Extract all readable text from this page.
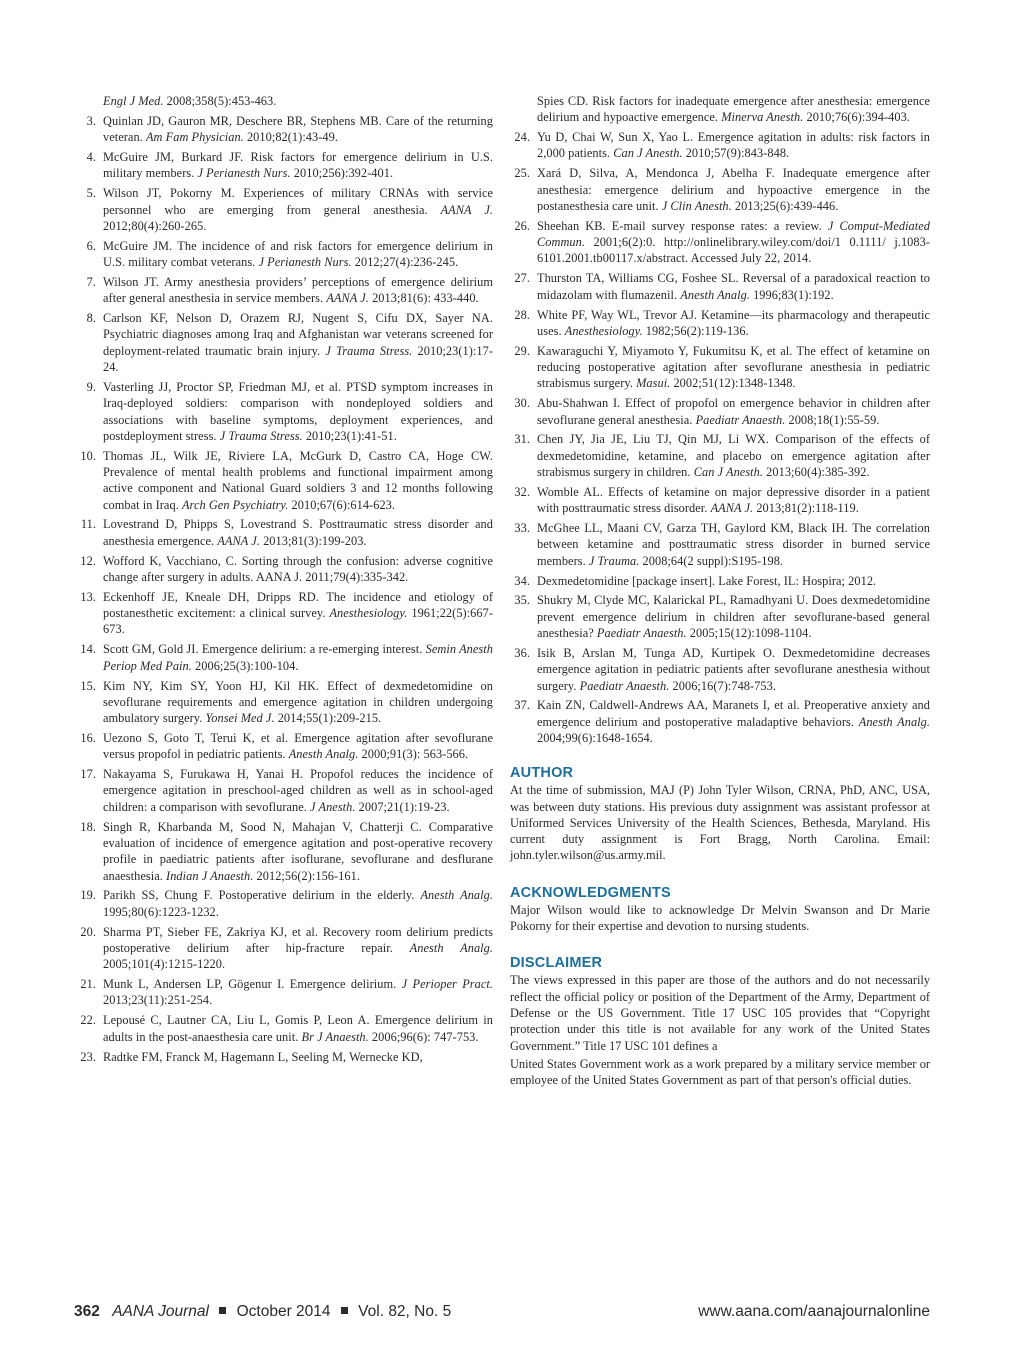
Engl J Med. 2008;358(5):453-463.
3. Quinlan JD, Gauron MR, Deschere BR, Stephens MB. Care of the returning veteran. Am Fam Physician. 2010;82(1):43-49.
4. McGuire JM, Burkard JF. Risk factors for emergence delirium in U.S. military members. J Perianesth Nurs. 2010;256):392-401.
5. Wilson JT, Pokorny M. Experiences of military CRNAs with service personnel who are emerging from general anesthesia. AANA J. 2012;80(4):260-265.
6. McGuire JM. The incidence of and risk factors for emergence delirium in U.S. military combat veterans. J Perianesth Nurs. 2012;27(4):236-245.
7. Wilson JT. Army anesthesia providers’ perceptions of emergence delirium after general anesthesia in service members. AANA J. 2013;81(6): 433-440.
8. Carlson KF, Nelson D, Orazem RJ, Nugent S, Cifu DX, Sayer NA. Psychiatric diagnoses among Iraq and Afghanistan war veterans screened for deployment-related traumatic brain injury. J Trauma Stress. 2010;23(1):17-24.
9. Vasterling JJ, Proctor SP, Friedman MJ, et al. PTSD symptom increases in Iraq-deployed soldiers: comparison with nondeployed soldiers and associations with baseline symptoms, deployment experiences, and postdeployment stress. J Trauma Stress. 2010;23(1):41-51.
10. Thomas JL, Wilk JE, Riviere LA, McGurk D, Castro CA, Hoge CW. Prevalence of mental health problems and functional impairment among active component and National Guard soldiers 3 and 12 months following combat in Iraq. Arch Gen Psychiatry. 2010;67(6):614-623.
11. Lovestrand D, Phipps S, Lovestrand S. Posttraumatic stress disorder and anesthesia emergence. AANA J. 2013;81(3):199-203.
12. Wofford K, Vacchiano, C. Sorting through the confusion: adverse cognitive change after surgery in adults. AANA J. 2011;79(4):335-342.
13. Eckenhoff JE, Kneale DH, Dripps RD. The incidence and etiology of postanesthetic excitement: a clinical survey. Anesthesiology. 1961;22(5):667-673.
14. Scott GM, Gold JI. Emergence delirium: a re-emerging interest. Semin Anesth Periop Med Pain. 2006;25(3):100-104.
15. Kim NY, Kim SY, Yoon HJ, Kil HK. Effect of dexmedetomidine on sevoflurane requirements and emergence agitation in children undergoing ambulatory surgery. Yonsei Med J. 2014;55(1):209-215.
16. Uezono S, Goto T, Terui K, et al. Emergence agitation after sevoflurane versus propofol in pediatric patients. Anesth Analg. 2000;91(3): 563-566.
17. Nakayama S, Furukawa H, Yanai H. Propofol reduces the incidence of emergence agitation in preschool-aged children as well as in school-aged children: a comparison with sevoflurane. J Anesth. 2007;21(1):19-23.
18. Singh R, Kharbanda M, Sood N, Mahajan V, Chatterji C. Comparative evaluation of incidence of emergence agitation and post-operative recovery profile in paediatric patients after isoflurane, sevoflurane and desflurane anaesthesia. Indian J Anaesth. 2012;56(2):156-161.
19. Parikh SS, Chung F. Postoperative delirium in the elderly. Anesth Analg. 1995;80(6):1223-1232.
20. Sharma PT, Sieber FE, Zakriya KJ, et al. Recovery room delirium predicts postoperative delirium after hip-fracture repair. Anesth Analg. 2005;101(4):1215-1220.
21. Munk L, Andersen LP, Gögenur I. Emergence delirium. J Perioper Pract. 2013;23(11):251-254.
22. Lepousé C, Lautner CA, Liu L, Gomis P, Leon A. Emergence delirium in adults in the post-anaesthesia care unit. Br J Anaesth. 2006;96(6): 747-753.
23. Radtke FM, Franck M, Hagemann L, Seeling M, Wernecke KD,
Spies CD. Risk factors for inadequate emergence after anesthesia: emergence delirium and hypoactive emergence. Minerva Anesth. 2010;76(6):394-403.
24. Yu D, Chai W, Sun X, Yao L. Emergence agitation in adults: risk factors in 2,000 patients. Can J Anesth. 2010;57(9):843-848.
25. Xará D, Silva, A, Mendonca J, Abelha F. Inadequate emergence after anesthesia: emergence delirium and hypoactive emergence in the postanesthesia care unit. J Clin Anesth. 2013;25(6):439-446.
26. Sheehan KB. E-mail survey response rates: a review. J Comput-Mediated Commun. 2001;6(2):0. http://onlinelibrary.wiley.com/doi/1 0.1111/ j.1083-6101.2001.tb00117.x/abstract. Accessed July 22, 2014.
27. Thurston TA, Williams CG, Foshee SL. Reversal of a paradoxical reaction to midazolam with flumazenil. Anesth Analg. 1996;83(1):192.
28. White PF, Way WL, Trevor AJ. Ketamine—its pharmacology and therapeutic uses. Anesthesiology. 1982;56(2):119-136.
29. Kawaraguchi Y, Miyamoto Y, Fukumitsu K, et al. The effect of ketamine on reducing postoperative agitation after sevoflurane anesthesia in pediatric strabismus surgery. Masui. 2002;51(12):1348-1348.
30. Abu-Shahwan I. Effect of propofol on emergence behavior in children after sevoflurane general anesthesia. Paediatr Anaesth. 2008;18(1):55-59.
31. Chen JY, Jia JE, Liu TJ, Qin MJ, Li WX. Comparison of the effects of dexmedetomidine, ketamine, and placebo on emergence agitation after strabismus surgery in children. Can J Anesth. 2013;60(4):385-392.
32. Womble AL. Effects of ketamine on major depressive disorder in a patient with posttraumatic stress disorder. AANA J. 2013;81(2):118-119.
33. McGhee LL, Maani CV, Garza TH, Gaylord KM, Black IH. The correlation between ketamine and posttraumatic stress disorder in burned service members. J Trauma. 2008;64(2 suppl):S195-198.
34. Dexmedetomidine [package insert]. Lake Forest, IL: Hospira; 2012.
35. Shukry M, Clyde MC, Kalarickal PL, Ramadhyani U. Does dexmedetomidine prevent emergence delirium in children after sevoflurane-based general anesthesia? Paediatr Anaesth. 2005;15(12):1098-1104.
36. Isik B, Arslan M, Tunga AD, Kurtipek O. Dexmedetomidine decreases emergence agitation in pediatric patients after sevoflurane anesthesia without surgery. Paediatr Anaesth. 2006;16(7):748-753.
37. Kain ZN, Caldwell-Andrews AA, Maranets I, et al. Preoperative anxiety and emergence delirium and postoperative maladaptive behaviors. Anesth Analg. 2004;99(6):1648-1654.
AUTHOR

At the time of submission, MAJ (P) John Tyler Wilson, CRNA, PhD, ANC, USA, was between duty stations. His previous duty assignment was assistant professor at Uniformed Services University of the Health Sciences, Bethesda, Maryland. His current duty assignment is Fort Bragg, North Carolina. Email: john.tyler.wilson@us.army.mil.

ACKNOWLEDGMENTS

Major Wilson would like to acknowledge Dr Melvin Swanson and Dr Marie Pokorny for their expertise and devotion to nursing students.

DISCLAIMER

The views expressed in this paper are those of the authors and do not necessarily reflect the official policy or position of the Department of the Army, Department of Defense or the US Government. Title 17 USC 105 provides that “Copyright protection under this title is not available for any work of the United States Government.” Title 17 USC 101 defines a

United States Government work as a work prepared by a military service member or employee of the United States Government as part of that person's official duties.

362 AANA Journal October 2014 Vol. 82, No. 5	www.aana.com/aanajournalonline
